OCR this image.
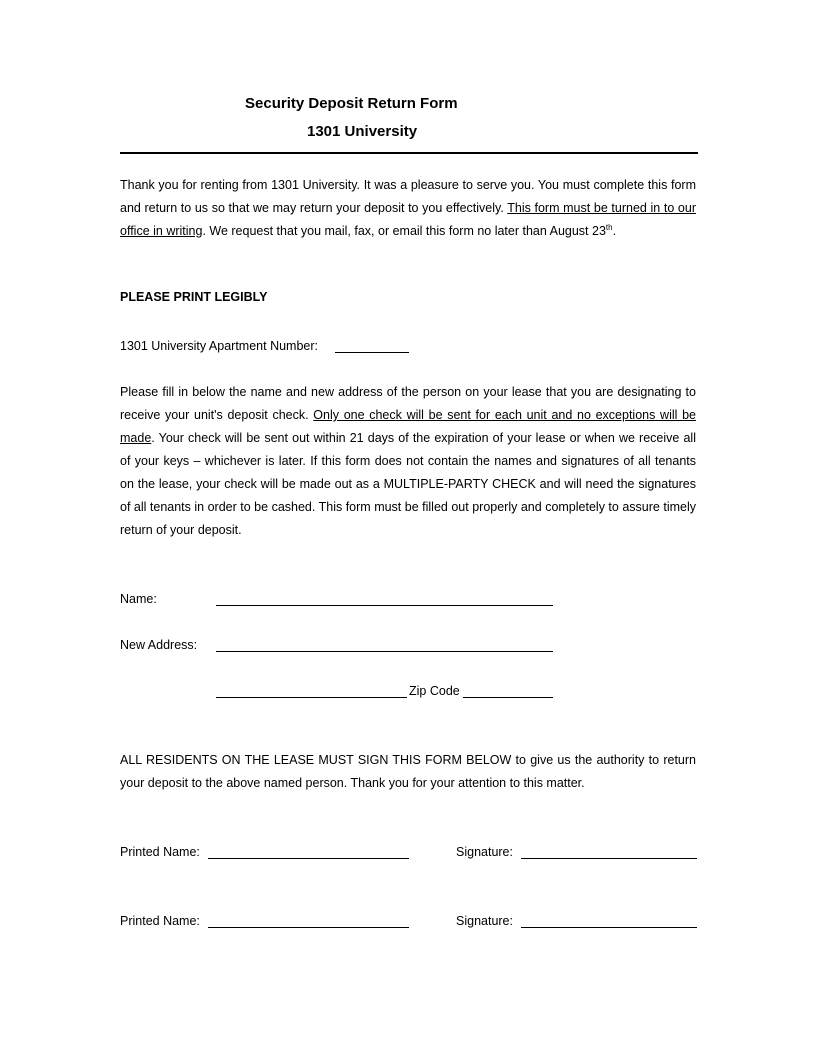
Security Deposit Return Form
1301 University

Thank you for renting from 1301 University. It was a pleasure to serve you. You must complete this form and return to us so that we may return your deposit to you effectively. This form must be turned in to our office in writing. We request that you mail, fax, or email this form no later than August 23th.

PLEASE PRINT LEGIBLY
1301 University Apartment Number:

Please fill in below the name and new address of the person on your lease that you are designating to receive your unit's deposit check. Only one check will be sent for each unit and no exceptions will be made. Your check will be sent out within 21 days of the expiration of your lease or when we receive all of your keys – whichever is later. If this form does not contain the names and signatures of all tenants on the lease, your check will be made out as a MULTIPLE-PARTY CHECK and will need the signatures of all tenants in order to be cashed. This form must be filled out properly and completely to assure timely return of your deposit.

Name:
New Address:
Zip Code

ALL RESIDENTS ON THE LEASE MUST SIGN THIS FORM BELOW to give us the authority to return your deposit to the above named person. Thank you for your attention to this matter.

Printed Name:	Signature:
Printed Name:	Signature:
